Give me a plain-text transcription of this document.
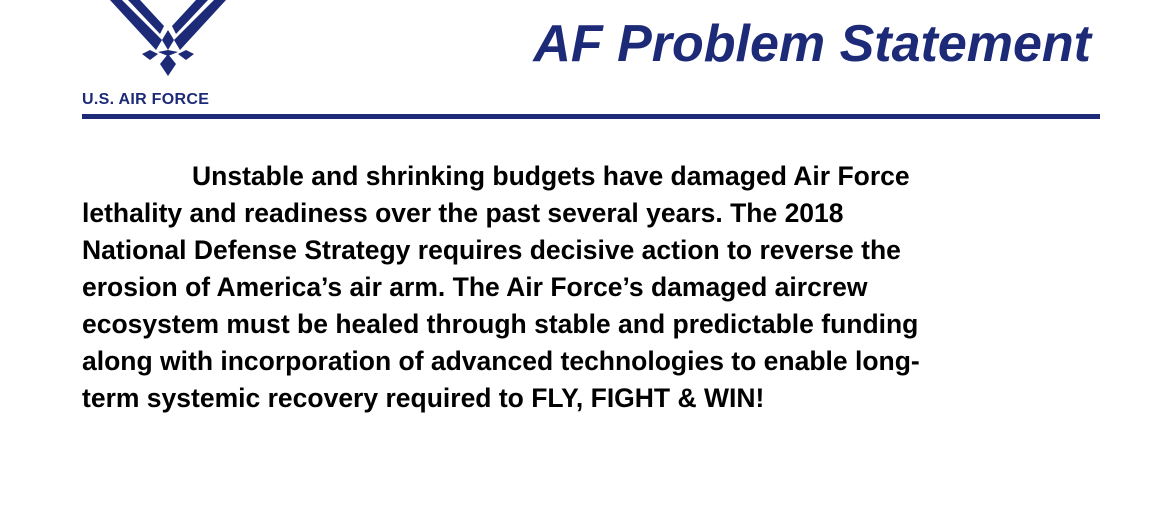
U.S. AIR FORCE
AF Problem Statement
Unstable and shrinking budgets have damaged Air Force
lethality and readiness over the past several years. The 2018
National Defense Strategy requires decisive action to reverse the
erosion of America’s air arm. The Air Force’s damaged aircrew
ecosystem must be healed through stable and predictable funding
along with incorporation of advanced technologies to enable long-
term systemic recovery required to FLY, FIGHT & WIN!
